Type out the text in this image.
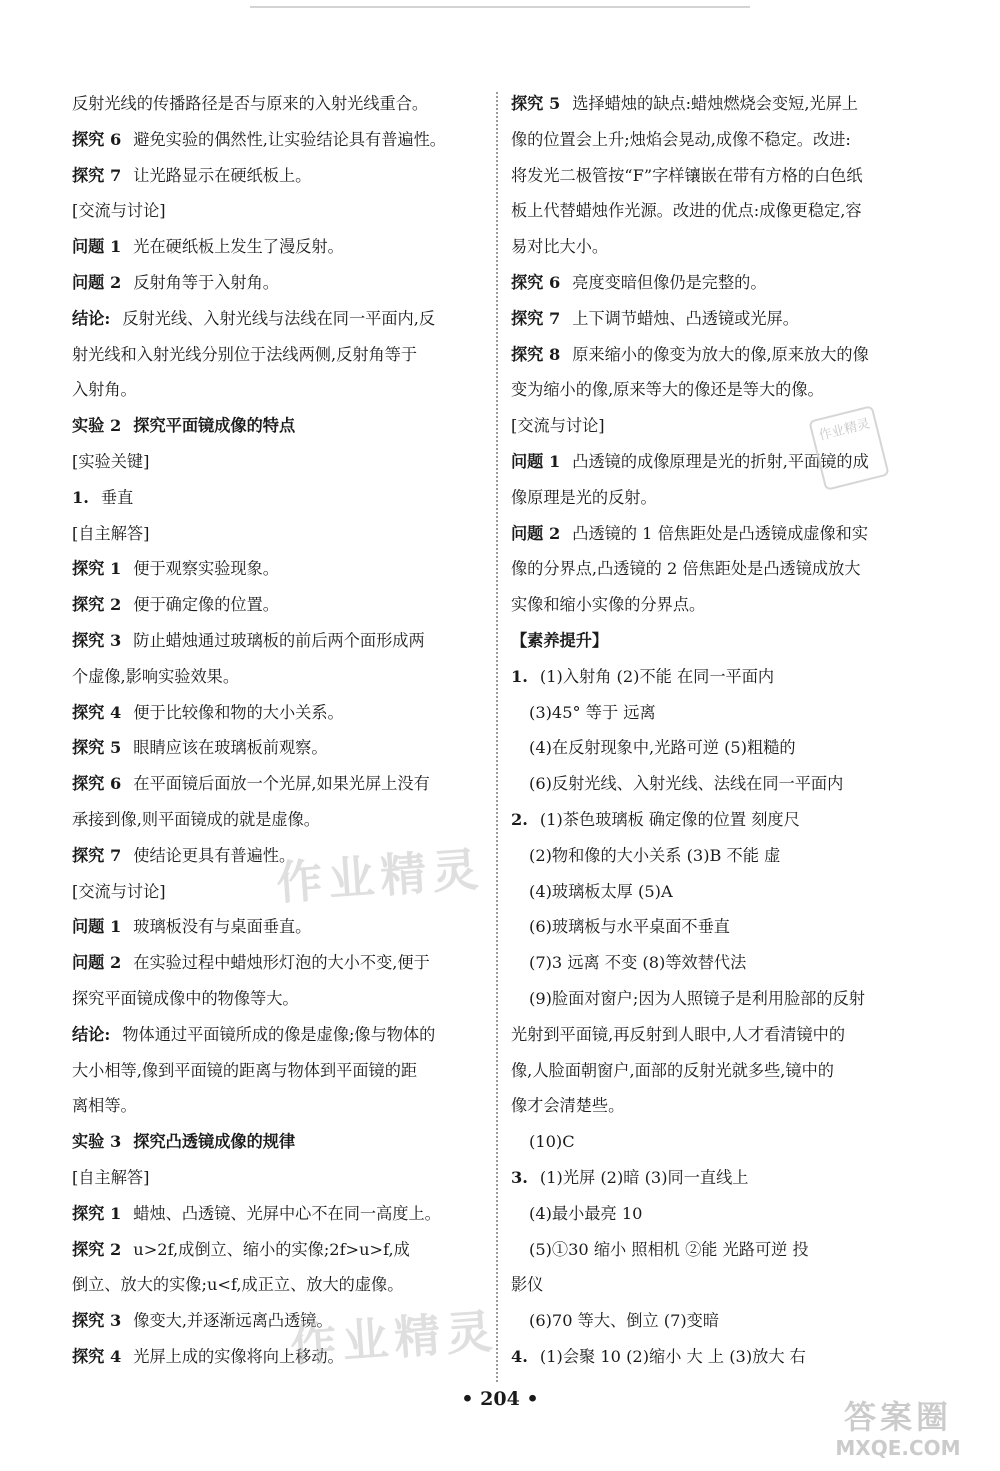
反射光线的传播路径是否与原来的入射光线重合。
探究 6 避免实验的偶然性,让实验结论具有普遍性。
探究 7 让光路显示在硬纸板上。
[交流与讨论]
问题 1 光在硬纸板上发生了漫反射。
问题 2 反射角等于入射角。
结论: 反射光线、入射光线与法线在同一平面内,反
射光线和入射光线分别位于法线两侧,反射角等于
入射角。
实验 2 探究平面镜成像的特点
[实验关键]
1. 垂直
[自主解答]
探究 1 便于观察实验现象。
探究 2 便于确定像的位置。
探究 3 防止蜡烛通过玻璃板的前后两个面形成两
个虚像,影响实验效果。
探究 4 便于比较像和物的大小关系。
探究 5 眼睛应该在玻璃板前观察。
探究 6 在平面镜后面放一个光屏,如果光屏上没有
承接到像,则平面镜成的就是虚像。
探究 7 使结论更具有普遍性。
[交流与讨论]
问题 1 玻璃板没有与桌面垂直。
问题 2 在实验过程中蜡烛形灯泡的大小不变,便于
探究平面镜成像中的物像等大。
结论: 物体通过平面镜所成的像是虚像;像与物体的
大小相等,像到平面镜的距离与物体到平面镜的距
离相等。
实验 3 探究凸透镜成像的规律
[自主解答]
探究 1 蜡烛、凸透镜、光屏中心不在同一高度上。
探究 2 u>2f,成倒立、缩小的实像;2f>u>f,成
倒立、放大的实像;u<f,成正立、放大的虚像。
探究 3 像变大,并逐渐远离凸透镜。
探究 4 光屏上成的实像将向上移动。
探究 5 选择蜡烛的缺点:蜡烛燃烧会变短,光屏上
像的位置会上升;烛焰会晃动,成像不稳定。改进:
将发光二极管按“F”字样镶嵌在带有方格的白色纸
板上代替蜡烛作光源。改进的优点:成像更稳定,容
易对比大小。
探究 6 亮度变暗但像仍是完整的。
探究 7 上下调节蜡烛、凸透镜或光屏。
探究 8 原来缩小的像变为放大的像,原来放大的像
变为缩小的像,原来等大的像还是等大的像。
[交流与讨论]
问题 1 凸透镜的成像原理是光的折射,平面镜的成
像原理是光的反射。
问题 2 凸透镜的 1 倍焦距处是凸透镜成虚像和实
像的分界点,凸透镜的 2 倍焦距处是凸透镜成放大
实像和缩小实像的分界点。
【素养提升】
1. (1)入射角 (2)不能 在同一平面内
(3)45° 等于 远离
(4)在反射现象中,光路可逆 (5)粗糙的
(6)反射光线、入射光线、法线在同一平面内
2. (1)茶色玻璃板 确定像的位置 刻度尺
(2)物和像的大小关系 (3)B 不能 虚
(4)玻璃板太厚 (5)A
(6)玻璃板与水平桌面不垂直
(7)3 远离 不变 (8)等效替代法
(9)脸面对窗户;因为人照镜子是利用脸部的反射
光射到平面镜,再反射到人眼中,人才看清镜中的
像,人脸面朝窗户,面部的反射光就多些,镜中的
像才会清楚些。
(10)C
3. (1)光屏 (2)暗 (3)同一直线上
(4)最小最亮 10
(5)①30 缩小 照相机 ②能 光路可逆 投
影仪
(6)70 等大、倒立 (7)变暗
4. (1)会聚 10 (2)缩小 大 上 (3)放大 右
作业精灵
作业精灵
作业精灵
• 204 •	答案圈
MXQE.COM
